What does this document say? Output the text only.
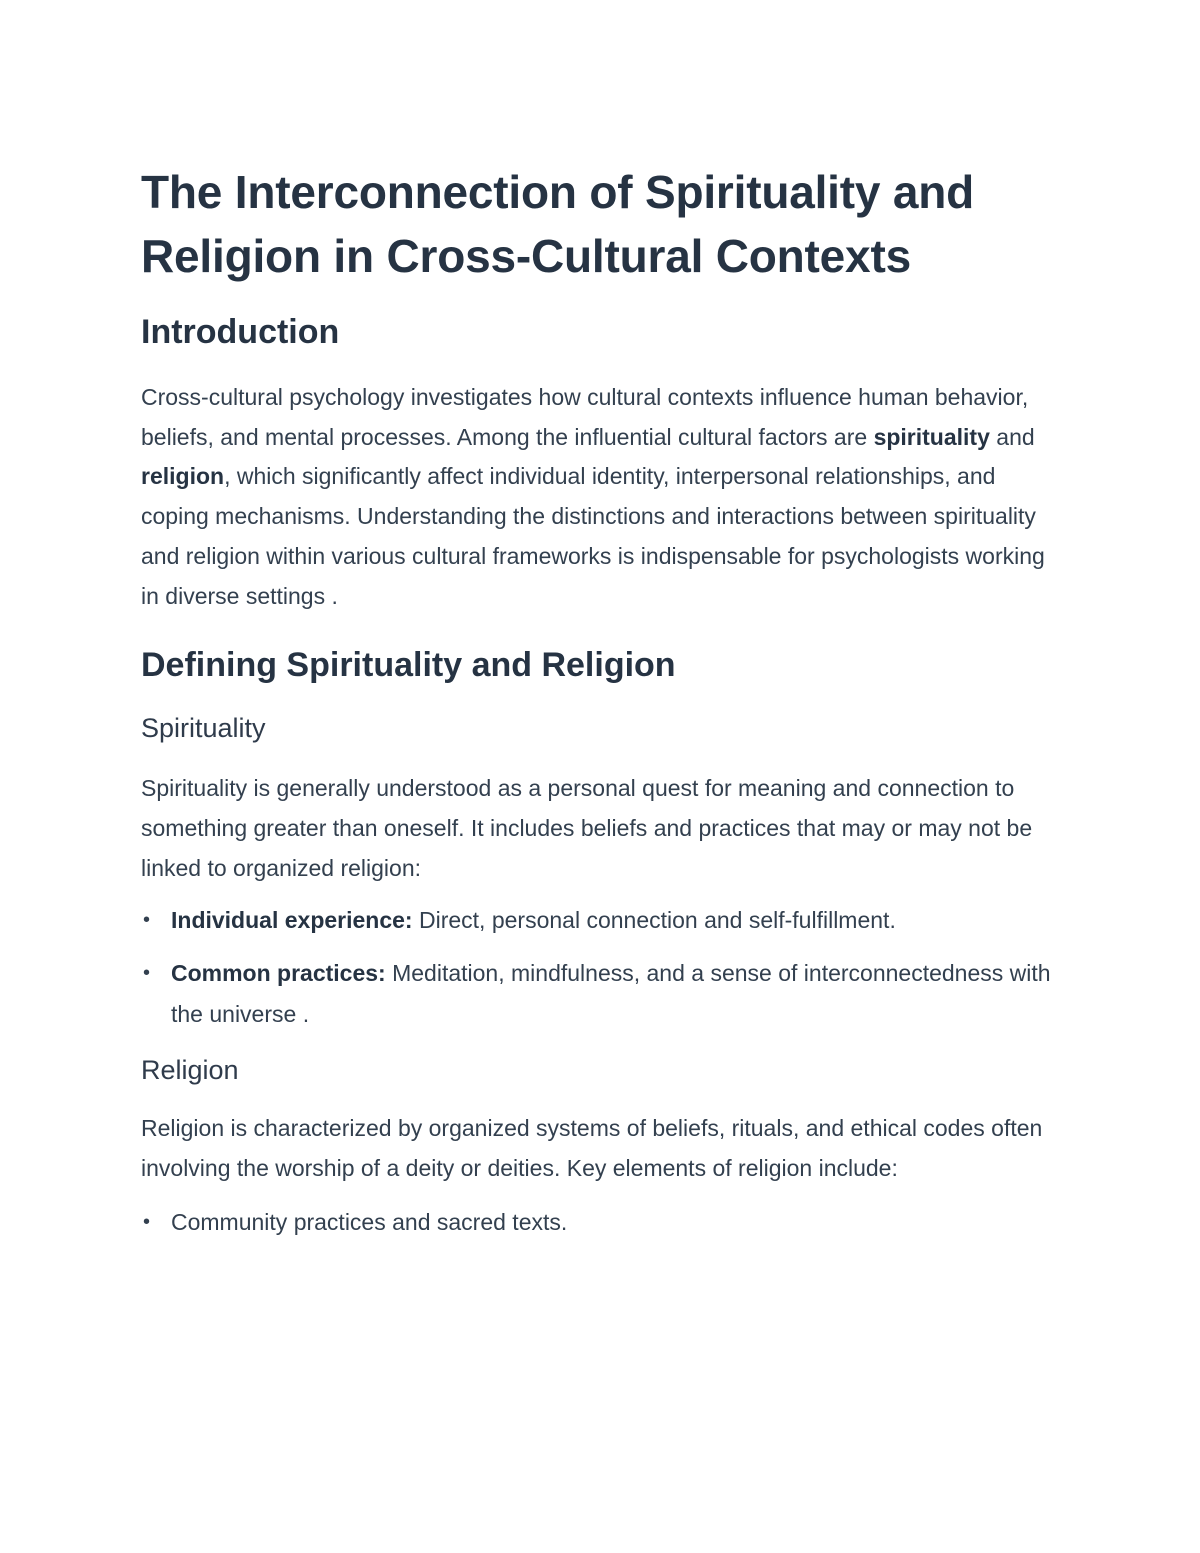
The Interconnection of Spirituality and Religion in Cross-Cultural Contexts
Introduction

Cross-cultural psychology investigates how cultural contexts influence human behavior, beliefs, and mental processes. Among the influential cultural factors are spirituality and religion, which significantly affect individual identity, interpersonal relationships, and coping mechanisms. Understanding the distinctions and interactions between spirituality and religion within various cultural frameworks is indispensable for psychologists working in diverse settings .

Defining Spirituality and Religion
Spirituality

Spirituality is generally understood as a personal quest for meaning and connection to something greater than oneself. It includes beliefs and practices that may or may not be linked to organized religion:

• Individual experience: Direct, personal connection and self-fulfillment.
• Common practices: Meditation, mindfulness, and a sense of interconnectedness with the universe .
Religion

Religion is characterized by organized systems of beliefs, rituals, and ethical codes often involving the worship of a deity or deities. Key elements of religion include:

• Community practices and sacred texts.
